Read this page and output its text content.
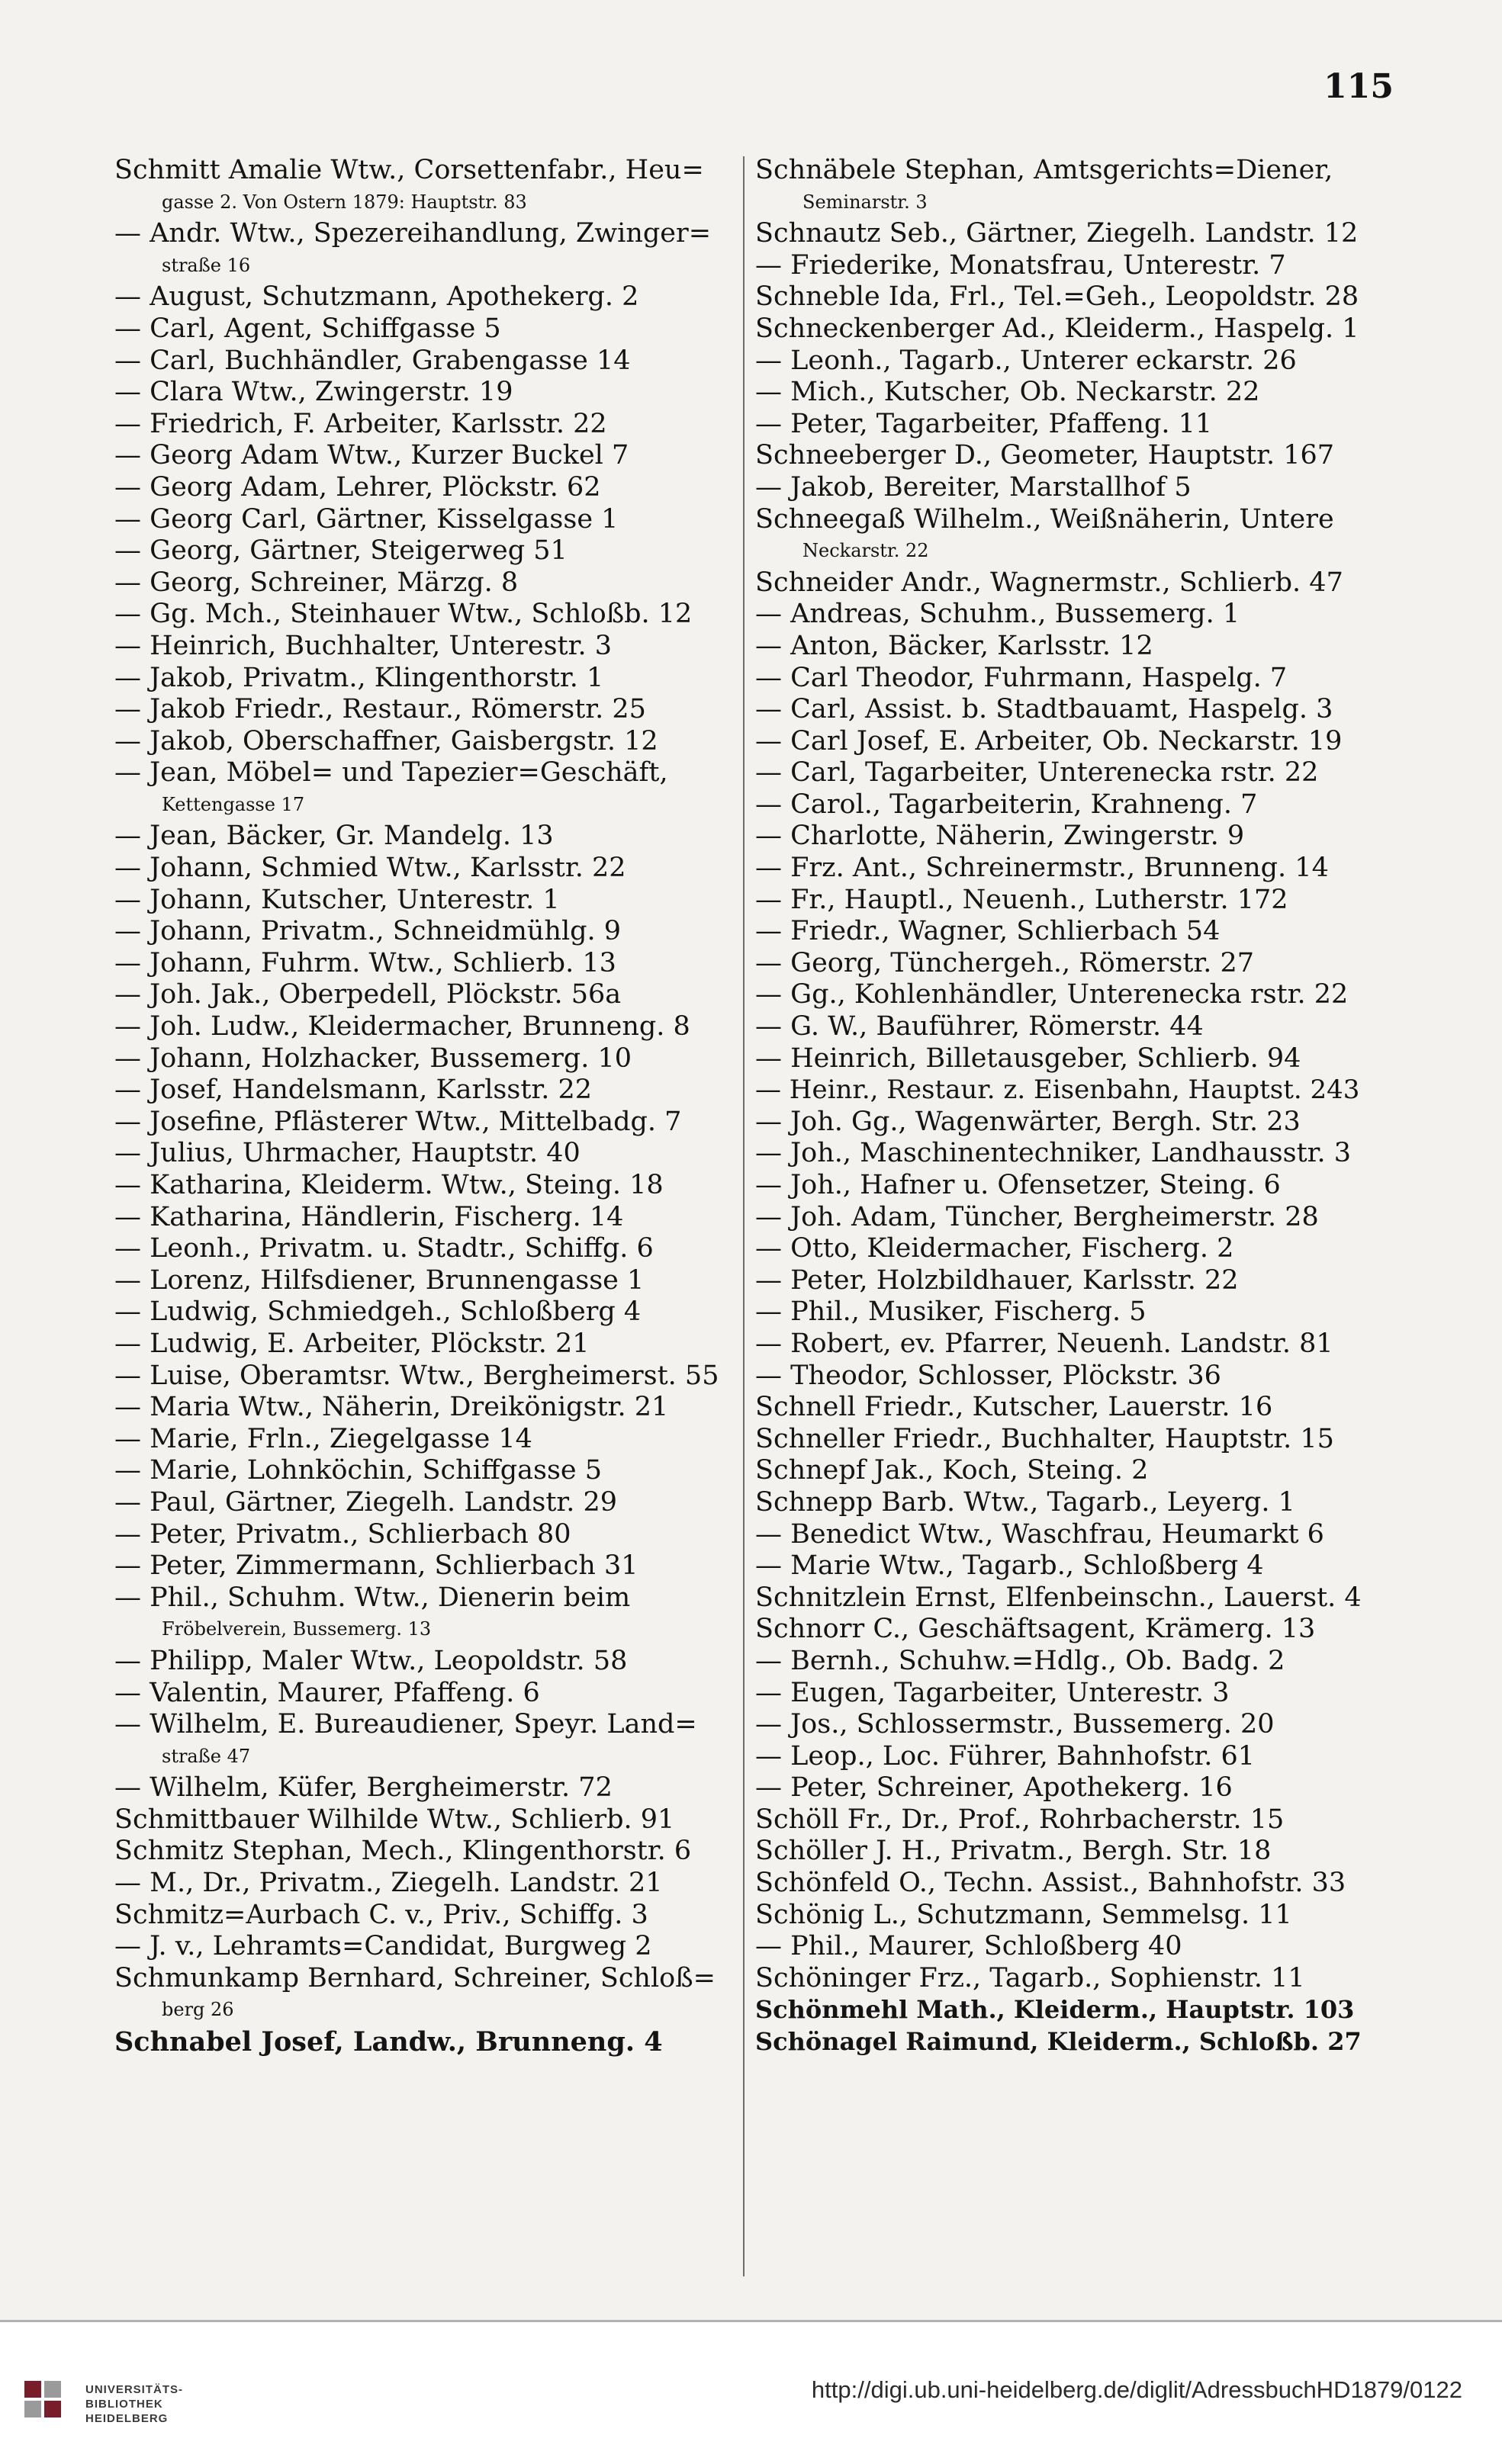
115
Schmitt Amalie Wtw., Corsettenfabr., Heu=
gasse 2. Von Ostern 1879: Hauptstr. 83
— Andr. Wtw., Spezereihandlung, Zwinger=
straße 16
— August, Schutzmann, Apothekerg. 2
— Carl, Agent, Schiffgasse 5
— Carl, Buchhändler, Grabengasse 14
— Clara Wtw., Zwingerstr. 19
— Friedrich, F. Arbeiter, Karlsstr. 22
— Georg Adam Wtw., Kurzer Buckel 7
— Georg Adam, Lehrer, Plöckstr. 62
— Georg Carl, Gärtner, Kisselgasse 1
— Georg, Gärtner, Steigerweg 51
— Georg, Schreiner, Märzg. 8
— Gg. Mch., Steinhauer Wtw., Schloßb. 12
— Heinrich, Buchhalter, Unterestr. 3
— Jakob, Privatm., Klingenthorstr. 1
— Jakob Friedr., Restaur., Römerstr. 25
— Jakob, Oberschaffner, Gaisbergstr. 12
— Jean, Möbel= und Tapezier=Geschäft,
Kettengasse 17
— Jean, Bäcker, Gr. Mandelg. 13
— Johann, Schmied Wtw., Karlsstr. 22
— Johann, Kutscher, Unterestr. 1
— Johann, Privatm., Schneidmühlg. 9
— Johann, Fuhrm. Wtw., Schlierb. 13
— Joh. Jak., Oberpedell, Plöckstr. 56a
— Joh. Ludw., Kleidermacher, Brunneng. 8
— Johann, Holzhacker, Bussemerg. 10
— Josef, Handelsmann, Karlsstr. 22
— Josefine, Pflästerer Wtw., Mittelbadg. 7
— Julius, Uhrmacher, Hauptstr. 40
— Katharina, Kleiderm. Wtw., Steing. 18
— Katharina, Händlerin, Fischerg. 14
— Leonh., Privatm. u. Stadtr., Schiffg. 6
— Lorenz, Hilfsdiener, Brunnengasse 1
— Ludwig, Schmiedgeh., Schloßberg 4
— Ludwig, E. Arbeiter, Plöckstr. 21
— Luise, Oberamtsr. Wtw., Bergheimerst. 55
— Maria Wtw., Näherin, Dreikönigstr. 21
— Marie, Frln., Ziegelgasse 14
— Marie, Lohnköchin, Schiffgasse 5
— Paul, Gärtner, Ziegelh. Landstr. 29
— Peter, Privatm., Schlierbach 80
— Peter, Zimmermann, Schlierbach 31
— Phil., Schuhm. Wtw., Dienerin beim
Fröbelverein, Bussemerg. 13
— Philipp, Maler Wtw., Leopoldstr. 58
— Valentin, Maurer, Pfaffeng. 6
— Wilhelm, E. Bureaudiener, Speyr. Land=
straße 47
— Wilhelm, Küfer, Bergheimerstr. 72
Schmittbauer Wilhilde Wtw., Schlierb. 91
Schmitz Stephan, Mech., Klingenthorstr. 6
— M., Dr., Privatm., Ziegelh. Landstr. 21
Schmitz=Aurbach C. v., Priv., Schiffg. 3
— J. v., Lehramts=Candidat, Burgweg 2
Schmunkamp Bernhard, Schreiner, Schloß=
berg 26
Schnabel Josef, Landw., Brunneng. 4
Schnäbele Stephan, Amtsgerichts=Diener,
Seminarstr. 3
Schnautz Seb., Gärtner, Ziegelh. Landstr. 12
— Friederike, Monatsfrau, Unterestr. 7
Schneble Ida, Frl., Tel.=Geh., Leopoldstr. 28
Schneckenberger Ad., Kleiderm., Haspelg. 1
— Leonh., Tagarb., Unterer eckarstr. 26
— Mich., Kutscher, Ob. Neckarstr. 22
— Peter, Tagarbeiter, Pfaffeng. 11
Schneeberger D., Geometer, Hauptstr. 167
— Jakob, Bereiter, Marstallhof 5
Schneegaß Wilhelm., Weißnäherin, Untere
Neckarstr. 22
Schneider Andr., Wagnermstr., Schlierb. 47
— Andreas, Schuhm., Bussemerg. 1
— Anton, Bäcker, Karlsstr. 12
— Carl Theodor, Fuhrmann, Haspelg. 7
— Carl, Assist. b. Stadtbauamt, Haspelg. 3
— Carl Josef, E. Arbeiter, Ob. Neckarstr. 19
— Carl, Tagarbeiter, Unterenecka rstr. 22
— Carol., Tagarbeiterin, Krahneng. 7
— Charlotte, Näherin, Zwingerstr. 9
— Frz. Ant., Schreinermstr., Brunneng. 14
— Fr., Hauptl., Neuenh., Lutherstr. 172
— Friedr., Wagner, Schlierbach 54
— Georg, Tünchergeh., Römerstr. 27
— Gg., Kohlenhändler, Unterenecka rstr. 22
— G. W., Bauführer, Römerstr. 44
— Heinrich, Billetausgeber, Schlierb. 94
— Heinr., Restaur. z. Eisenbahn, Hauptst. 243
— Joh. Gg., Wagenwärter, Bergh. Str. 23
— Joh., Maschinentechniker, Landhausstr. 3
— Joh., Hafner u. Ofensetzer, Steing. 6
— Joh. Adam, Tüncher, Bergheimerstr. 28
— Otto, Kleidermacher, Fischerg. 2
— Peter, Holzbildhauer, Karlsstr. 22
— Phil., Musiker, Fischerg. 5
— Robert, ev. Pfarrer, Neuenh. Landstr. 81
— Theodor, Schlosser, Plöckstr. 36
Schnell Friedr., Kutscher, Lauerstr. 16
Schneller Friedr., Buchhalter, Hauptstr. 15
Schnepf Jak., Koch, Steing. 2
Schnepp Barb. Wtw., Tagarb., Leyerg. 1
— Benedict Wtw., Waschfrau, Heumarkt 6
— Marie Wtw., Tagarb., Schloßberg 4
Schnitzlein Ernst, Elfenbeinschn., Lauerst. 4
Schnorr C., Geschäftsagent, Krämerg. 13
— Bernh., Schuhw.=Hdlg., Ob. Badg. 2
— Eugen, Tagarbeiter, Unterestr. 3
— Jos., Schlossermstr., Bussemerg. 20
— Leop., Loc. Führer, Bahnhofstr. 61
— Peter, Schreiner, Apothekerg. 16
Schöll Fr., Dr., Prof., Rohrbacherstr. 15
Schöller J. H., Privatm., Bergh. Str. 18
Schönfeld O., Techn. Assist., Bahnhofstr. 33
Schönig L., Schutzmann, Semmelsg. 11
— Phil., Maurer, Schloßberg 40
Schöninger Frz., Tagarb., Sophienstr. 11
Schönmehl Math., Kleiderm., Hauptstr. 103
Schönagel Raimund, Kleiderm., Schloßb. 27
UNIVERSITÄTS-
BIBLIOTHEK
HEIDELBERG
http://digi.ub.uni-heidelberg.de/diglit/AdressbuchHD1879/0122
